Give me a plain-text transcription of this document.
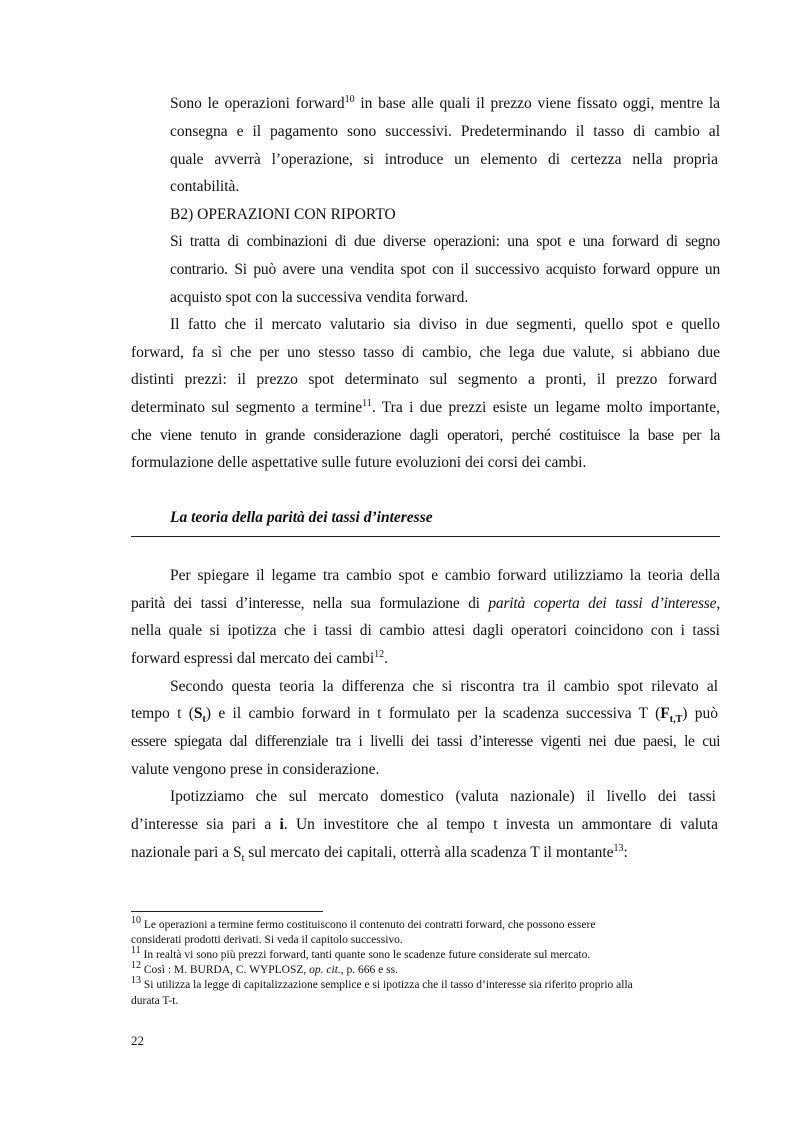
Sono le operazioni forward$^{10}$ in base alle quali il prezzo viene fissato oggi, mentre la
consegna e il pagamento sono successivi. Predeterminando il tasso di cambio al
quale avverrà l’operazione, si introduce un elemento di certezza nella propria
contabilità.
B2) OPERAZIONI CON RIPORTO
Si tratta di combinazioni di due diverse operazioni: una spot e una forward di segno
contrario. Si può avere una vendita spot con il successivo acquisto forward oppure un
acquisto spot con la successiva vendita forward.
Il fatto che il mercato valutario sia diviso in due segmenti, quello spot e quello
forward, fa sì che per uno stesso tasso di cambio, che lega due valute, si abbiano due
distinti prezzi: il prezzo spot determinato sul segmento a pronti, il prezzo forward
determinato sul segmento a termine$^{11}$. Tra i due prezzi esiste un legame molto importante,
che viene tenuto in grande considerazione dagli operatori, perché costituisce la base per la
formulazione delle aspettative sulle future evoluzioni dei corsi dei cambi.
La teoria della parità dei tassi d’interesse
Per spiegare il legame tra cambio spot e cambio forward utilizziamo la teoria della
parità dei tassi d’interesse, nella sua formulazione di parità coperta dei tassi d’interesse,
nella quale si ipotizza che i tassi di cambio attesi dagli operatori coincidono con i tassi
forward espressi dal mercato dei cambi$^{12}$.
Secondo questa teoria la differenza che si riscontra tra il cambio spot rilevato al
tempo t $(S_t)$ e il cambio forward in t formulato per la scadenza successiva T $(F_{t,T})$ può
essere spiegata dal differenziale tra i livelli dei tassi d’interesse vigenti nei due paesi, le cui
valute vengono prese in considerazione.
Ipotizziamo che sul mercato domestico (valuta nazionale) il livello dei tassi
d’interesse sia pari a i. Un investitore che al tempo t investa un ammontare di valuta
nazionale pari a $S_t$ sul mercato dei capitali, otterrà alla scadenza T il montante$^{13}$:
$^{10}$ Le operazioni a termine fermo costituiscono il contenuto dei contratti forward, che possono essere
considerati prodotti derivati. Si veda il capitolo successivo.
$^{11}$ In realtà vi sono più prezzi forward, tanti quante sono le scadenze future considerate sul mercato.
$^{12}$ Così : M. BURDA, C. WYPLOSZ, op. cit., p. 666 e ss.
$^{13}$ Si utilizza la legge di capitalizzazione semplice e si ipotizza che il tasso d’interesse sia riferito proprio alla
durata T-t.
22
